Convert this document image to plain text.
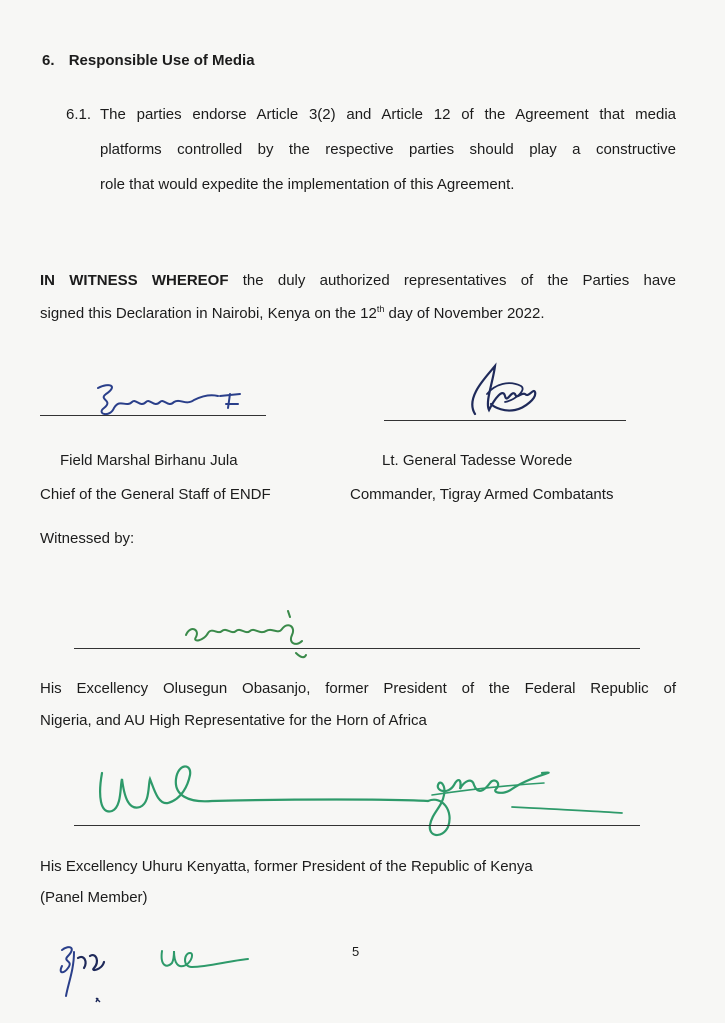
6. Responsible Use of Media
6.1. The parties endorse Article 3(2) and Article 12 of the Agreement that media
platforms controlled by the respective parties should play a constructive
role that would expedite the implementation of this Agreement.
IN WITNESS WHEREOF the duly authorized representatives of the Parties have
signed this Declaration in Nairobi, Kenya on the 12th day of November 2022.
Field Marshal Birhanu Jula
Chief of the General Staff of ENDF
Lt. General Tadesse Worede
Commander, Tigray Armed Combatants
Witnessed by:
His Excellency Olusegun Obasanjo, former President of the Federal Republic of
Nigeria, and AU High Representative for the Horn of Africa
His Excellency Uhuru Kenyatta, former President of the Republic of Kenya
(Panel Member)
5
